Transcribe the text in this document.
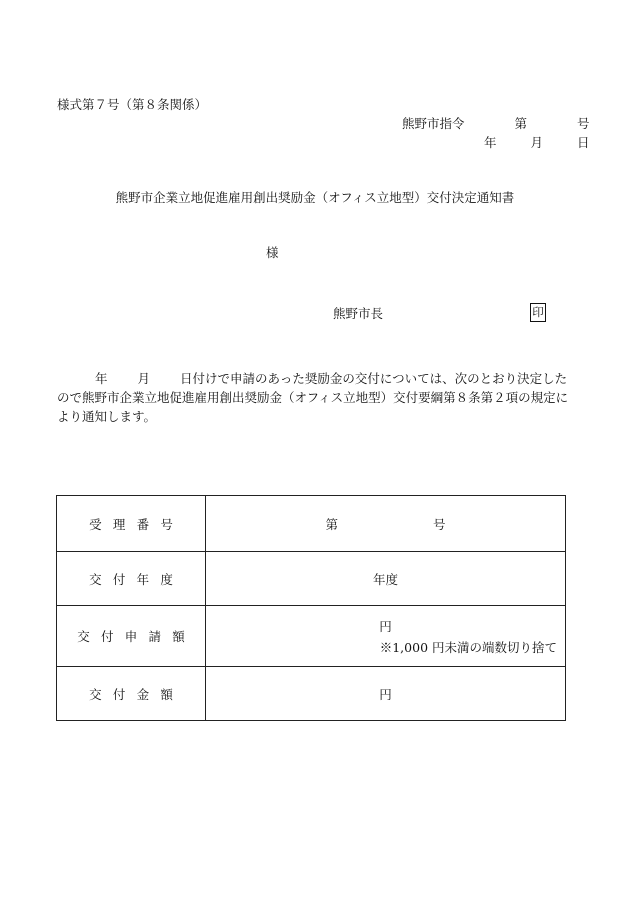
様式第７号（第８条関係）
熊野市指令	第	号
年	月	日
熊野市企業立地促進雇用創出奨励金（オフィス立地型）交付決定通知書
様
熊野市長	印
年 月 日付けで申請のあった奨励金の交付については、次のとおり決定したので熊野市企業立地促進雇用創出奨励金（オフィス立地型）交付要綱第８条第２項の規定により通知します。
受理番号	第 号
交付年度	年度
交付申請額	円
※1,000 円未満の端数切り捨て

交付金額	円
